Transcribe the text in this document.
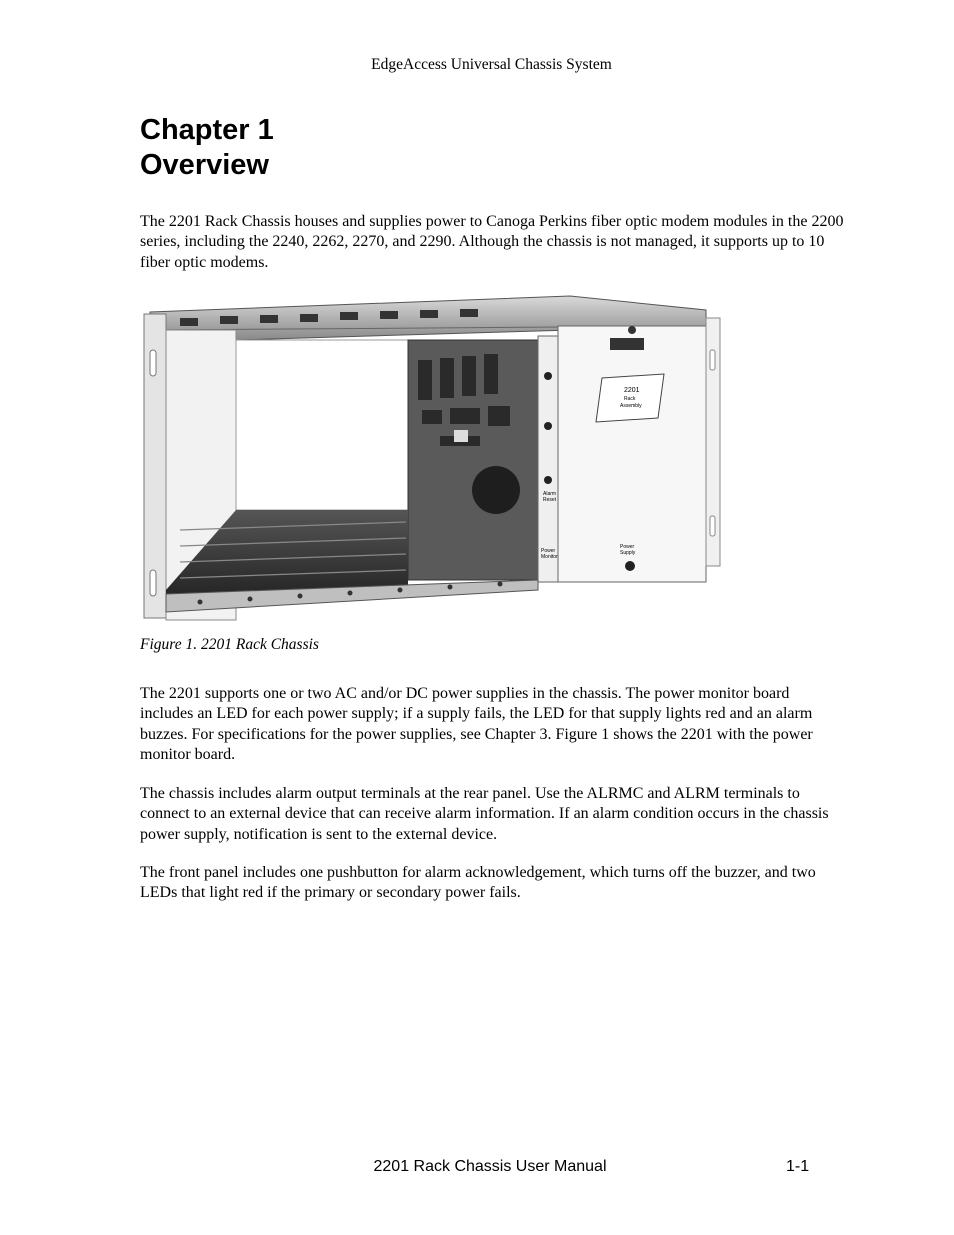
EdgeAccess Universal Chassis System
Chapter 1
Overview

The 2201 Rack Chassis houses and supplies power to Canoga Perkins fiber optic modem modules in the 2200 series, including the 2240, 2262, 2270, and 2290. Although the chassis is not managed, it supports up to 10 fiber optic modems.

Alarm
Reset
Power
Monitor
2201
Rack
Assembly
Power
Supply

Figure 1. 2201 Rack Chassis

The 2201 supports one or two AC and/or DC power supplies in the chassis. The power monitor board includes an LED for each power supply; if a supply fails, the LED for that supply lights red and an alarm buzzes. For specifications for the power supplies, see Chapter 3. Figure 1 shows the 2201 with the power monitor board.

The chassis includes alarm output terminals at the rear panel. Use the ALRMC and ALRM terminals to connect to an external device that can receive alarm information. If an alarm condition occurs in the chassis power supply, notification is sent to the external device.

The front panel includes one pushbutton for alarm acknowledgement, which turns off the buzzer, and two LEDs that light red if the primary or secondary power fails.

2201 Rack Chassis User Manual	1-1
